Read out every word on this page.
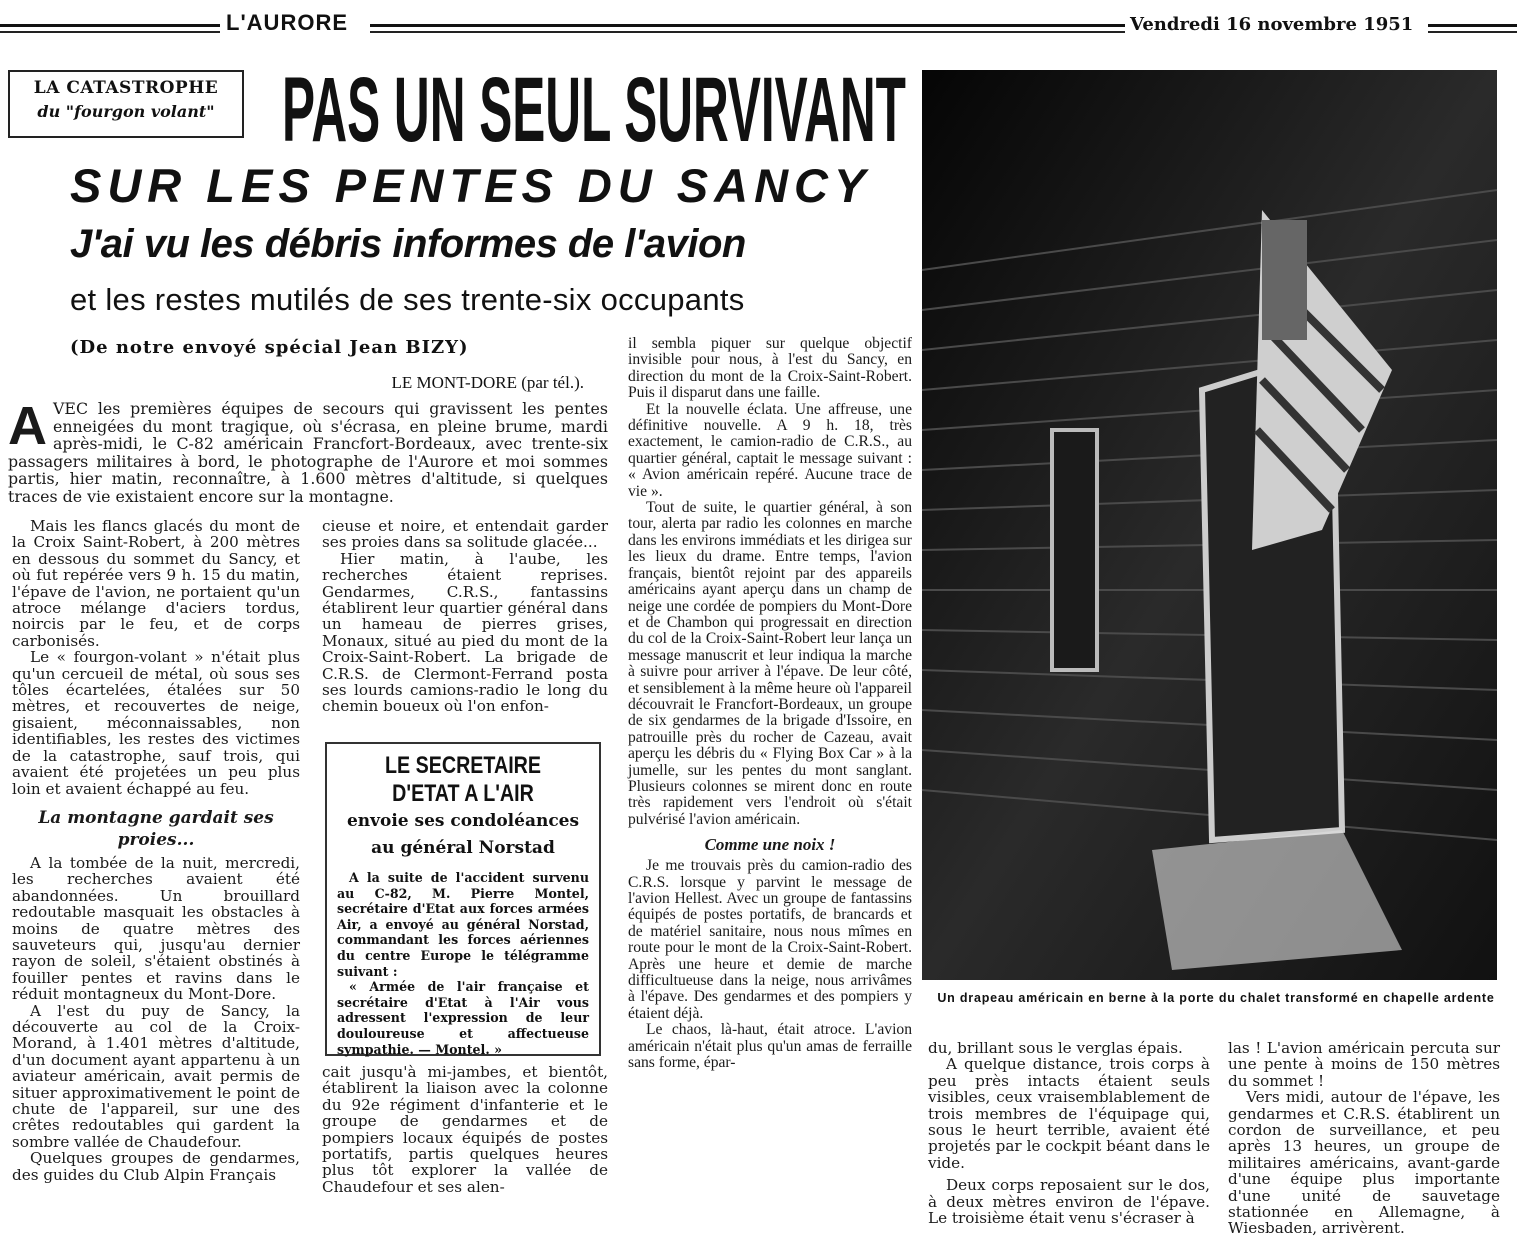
L'AURORE	Vendredi 16 novembre 1951
LA CATASTROPHE
du "fourgon volant" PAS UN SEUL SURVIVANT
SUR LES PENTES DU SANCY
J'ai vu les débris informes de l'avion
et les restes mutilés de ses trente-six occupants
(De notre envoyé spécial Jean BIZY)
LE MONT-DORE (par tél.).
A VEC les premières équipes de secours qui gravissent les pentes enneigées du mont tragique, où s'écrasa, en pleine brume, mardi après-midi, le C-82 américain Francfort-Bordeaux, avec trente-six passagers militaires à bord, le photographe de l'Aurore et moi sommes partis, hier matin, reconnaître, à 1.600 mètres d'altitude, si quelques traces de vie existaient encore sur la montagne.

Mais les flancs glacés du mont de la Croix Saint-Robert, à 200 mètres en dessous du sommet du Sancy, et où fut repérée vers 9 h. 15 du matin, l'épave de l'avion, ne portaient qu'un atroce mélange d'aciers tordus, noircis par le feu, et de corps carbonisés.

Le « fourgon-volant » n'était plus qu'un cercueil de métal, où sous ses tôles écartelées, étalées sur 50 mètres, et recouvertes de neige, gisaient, méconnaissables, non identifiables, les restes des victimes de la catastrophe, sauf trois, qui avaient été projetées un peu plus loin et avaient échappé au feu.

La montagne gardait ses proies...

A la tombée de la nuit, mercredi, les recherches avaient été abandonnées. Un brouillard redoutable masquait les obstacles à moins de quatre mètres des sauveteurs qui, jusqu'au dernier rayon de soleil, s'étaient obstinés à fouiller pentes et ravins dans le réduit montagneux du Mont-Dore.

A l'est du puy de Sancy, la découverte au col de la Croix-Morand, à 1.401 mètres d'altitude, d'un document ayant appartenu à un aviateur américain, avait permis de situer approximativement le point de chute de l'appareil, sur une des crêtes redoutables qui gardent la sombre vallée de Chaudefour.

Quelques groupes de gendarmes, des guides du Club Alpin Français

cieuse et noire, et entendait garder ses proies dans sa solitude glacée...

Hier matin, à l'aube, les recherches étaient reprises. Gendarmes, C.R.S., fantassins établirent leur quartier général dans un hameau de pierres grises, Monaux, situé au pied du mont de la Croix-Saint-Robert. La brigade de C.R.S. de Clermont-Ferrand posta ses lourds camions-radio le long du chemin boueux où l'on enfon-

LE SECRETAIRE D'ETAT A L'AIR
envoie ses condoléances au général Norstad

A la suite de l'accident survenu au C-82, M. Pierre Montel, secrétaire d'Etat aux forces armées Air, a envoyé au général Norstad, commandant les forces aériennes du centre Europe le télégramme suivant :

« Armée de l'air française et secrétaire d'Etat à l'Air vous adressent l'expression de leur douloureuse et affectueuse sympathie. — Montel. »

cait jusqu'à mi-jambes, et bientôt, établirent la liaison avec la colonne du 92e régiment d'infanterie et le groupe de gendarmes et de pompiers locaux équipés de postes portatifs, partis quelques heures plus tôt explorer la vallée de Chaudefour et ses alen-

il sembla piquer sur quelque objectif invisible pour nous, à l'est du Sancy, en direction du mont de la Croix-Saint-Robert. Puis il disparut dans une faille.

Et la nouvelle éclata. Une affreuse, une définitive nouvelle. A 9 h. 18, très exactement, le camion-radio de C.R.S., au quartier général, captait le message suivant : « Avion américain repéré. Aucune trace de vie ».

Tout de suite, le quartier général, à son tour, alerta par radio les colonnes en marche dans les environs immédiats et les dirigea sur les lieux du drame. Entre temps, l'avion français, bientôt rejoint par des appareils américains ayant aperçu dans un champ de neige une cordée de pompiers du Mont-Dore et de Chambon qui progressait en direction du col de la Croix-Saint-Robert leur lança un message manuscrit et leur indiqua la marche à suivre pour arriver à l'épave. De leur côté, et sensiblement à la même heure où l'appareil découvrait le Francfort-Bordeaux, un groupe de six gendarmes de la brigade d'Issoire, en patrouille près du rocher de Cazeau, avait aperçu les débris du « Flying Box Car » à la jumelle, sur les pentes du mont sanglant. Plusieurs colonnes se mirent donc en route très rapidement vers l'endroit où s'était pulvérisé l'avion américain.

Comme une noix !

Je me trouvais près du camion-radio des C.R.S. lorsque y parvint le message de l'avion Hellest. Avec un groupe de fantassins équipés de postes portatifs, de brancards et de matériel sanitaire, nous nous mîmes en route pour le mont de la Croix-Saint-Robert. Après une heure et demie de marche difficultueuse dans la neige, nous arrivâmes à l'épave. Des gendarmes et des pompiers y étaient déjà.

Le chaos, là-haut, était atroce. L'avion américain n'était plus qu'un amas de ferraille sans forme, épar-

Un drapeau américain en berne à la porte du chalet transformé en chapelle ardente

du, brillant sous le verglas épais.

A quelque distance, trois corps à peu près intacts étaient seuls visibles, ceux vraisemblablement de trois membres de l'équipage qui, sous le heurt terrible, avaient été projetés par le cockpit béant dans le vide.

Deux corps reposaient sur le dos, à deux mètres environ de l'épave. Le troisième était venu s'écraser à

las ! L'avion américain percuta sur une pente à moins de 150 mètres du sommet !

Vers midi, autour de l'épave, les gendarmes et C.R.S. établirent un cordon de surveillance, et peu après 13 heures, un groupe de militaires américains, avant-garde d'une équipe plus importante d'une unité de sauvetage stationnée en Allemagne, à Wiesbaden, arrivèrent.
